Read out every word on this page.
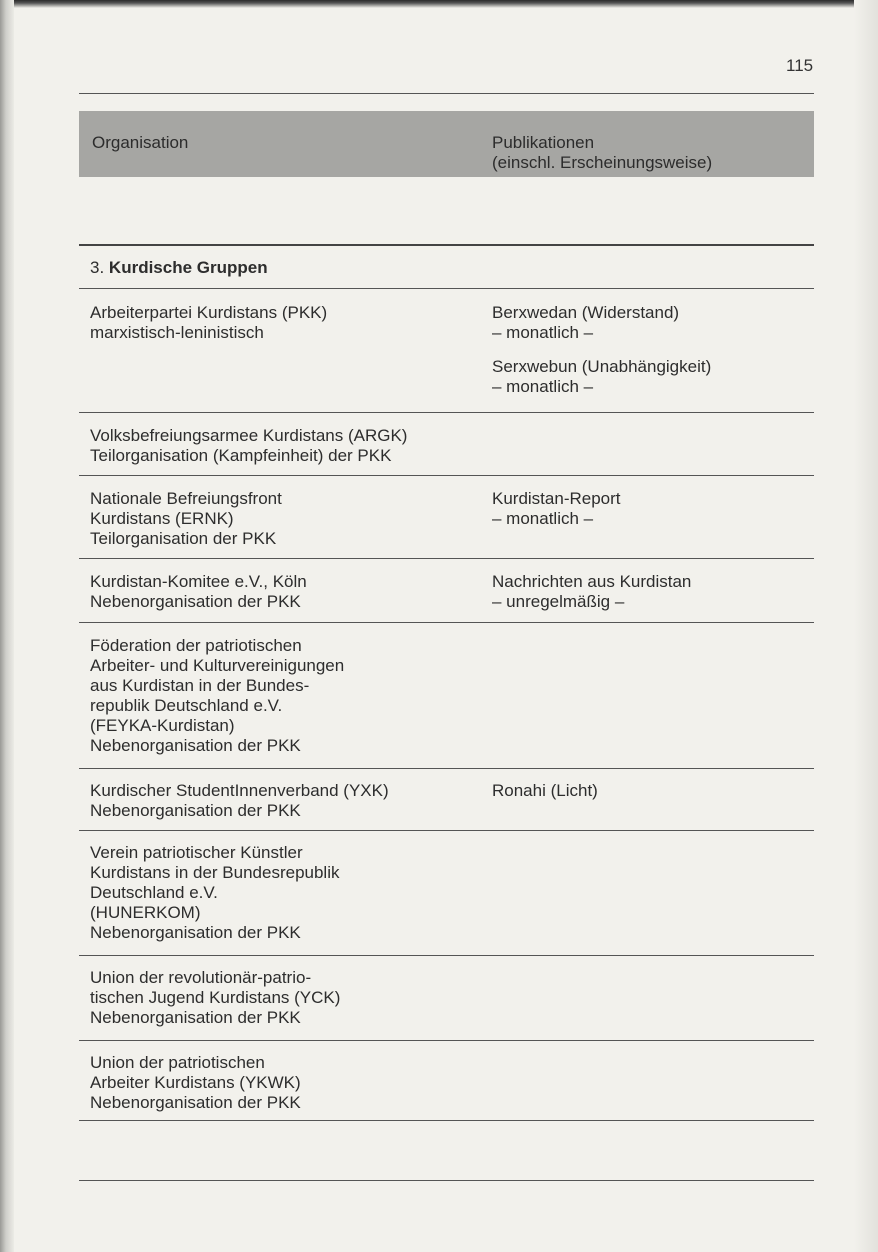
115
Organisation	Publikationen
(einschl. Erscheinungsweise)
3. Kurdische Gruppen
Arbeiterpartei Kurdistans (PKK)
marxistisch-leninistisch
Berxwedan (Widerstand)
– monatlich –
Serxwebun (Unabhängigkeit)
– monatlich –
Volksbefreiungsarmee Kurdistans (ARGK)
Teilorganisation (Kampfeinheit) der PKK
Nationale Befreiungsfront
Kurdistans (ERNK)
Teilorganisation der PKK
Kurdistan-Report
– monatlich –
Kurdistan-Komitee e.V., Köln
Nebenorganisation der PKK
Nachrichten aus Kurdistan
– unregelmäßig –
Föderation der patriotischen
Arbeiter- und Kulturvereinigungen
aus Kurdistan in der Bundes-
republik Deutschland e.V.
(FEYKA-Kurdistan)
Nebenorganisation der PKK
Kurdischer StudentInnenverband (YXK)
Nebenorganisation der PKK
Ronahi (Licht)
Verein patriotischer Künstler
Kurdistans in der Bundesrepublik
Deutschland e.V.
(HUNERKOM)
Nebenorganisation der PKK
Union der revolutionär-patrio-
tischen Jugend Kurdistans (YCK)
Nebenorganisation der PKK
Union der patriotischen
Arbeiter Kurdistans (YKWK)
Nebenorganisation der PKK
